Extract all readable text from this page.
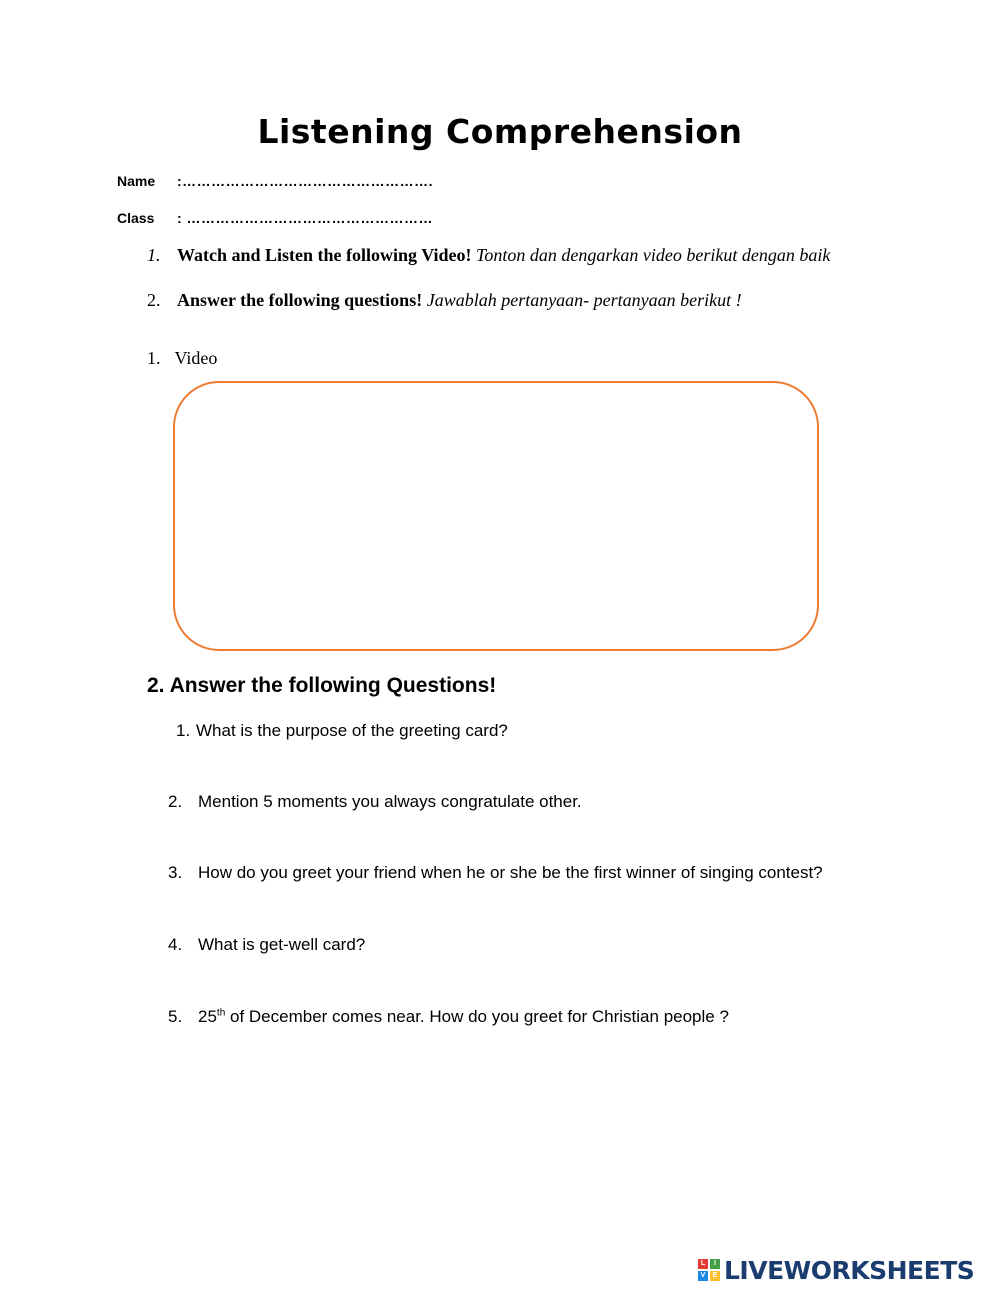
Listening Comprehension
Name :…………………………………………….
Class : ……………………………………………
1. Watch and Listen the following Video! Tonton dan dengarkan video berikut dengan baik
2. Answer the following questions! Jawablah pertanyaan- pertanyaan berikut !
1. Video
2. Answer the following Questions!
1. What is the purpose of the greeting card?
2. Mention 5 moments you always congratulate other.
3. How do you greet your friend when he or she be the first winner of singing contest?
4. What is get-well card?
5. 25th of December comes near. How do you greet for Christian people ?
L	I
V	E LIVEWORKSHEETS
